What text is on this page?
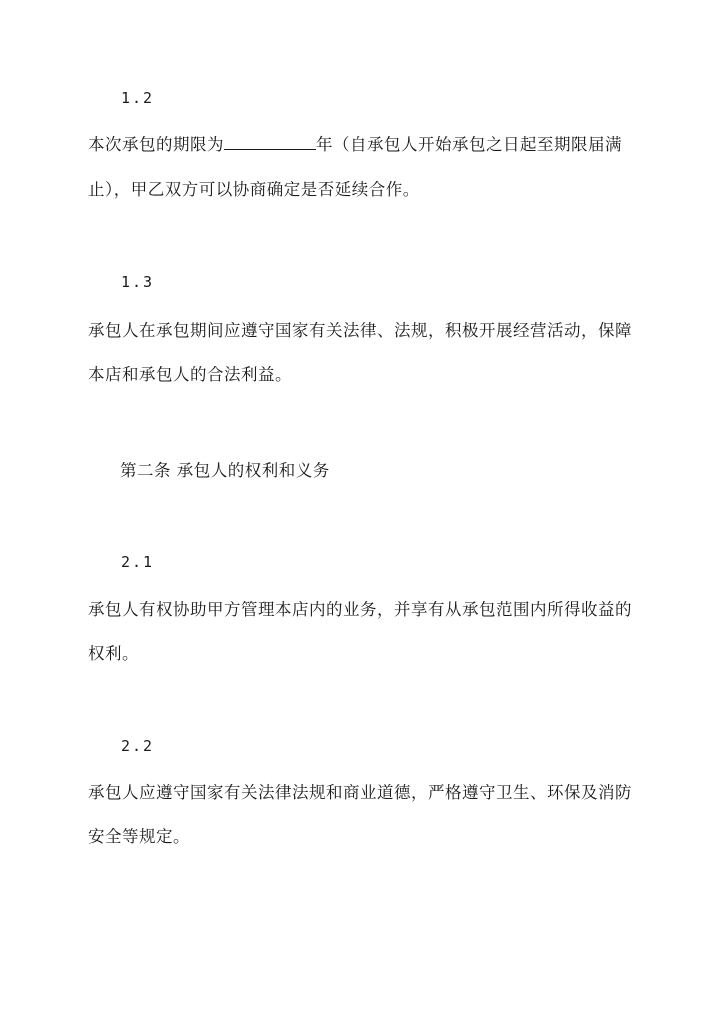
1.2
本次承包的期限为	年（自承包人开始承包之日起至期限届满
止），甲乙双方可以协商确定是否延续合作。
1.3
承包人在承包期间应遵守国家有关法律、法规，积极开展经营活动，保障
本店和承包人的合法利益。
第二条 承包人的权利和义务
2.1
承包人有权协助甲方管理本店内的业务，并享有从承包范围内所得收益的
权利。
2.2
承包人应遵守国家有关法律法规和商业道德，严格遵守卫生、环保及消防
安全等规定。
